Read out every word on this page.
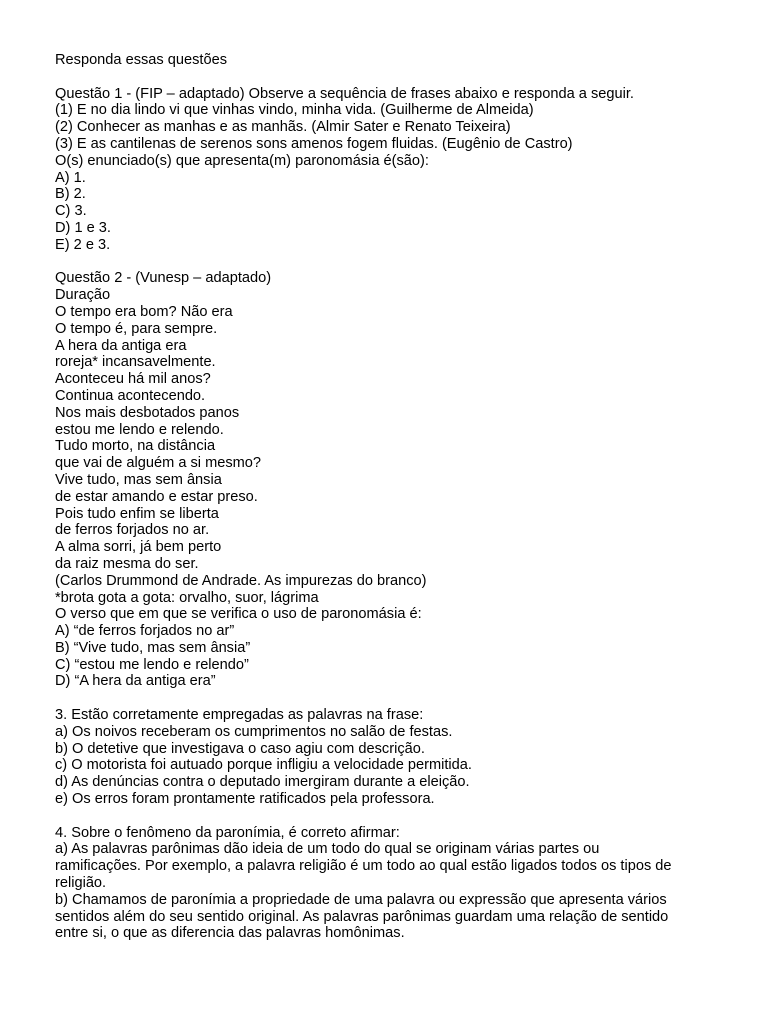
Responda essas questões
Questão 1 - (FIP – adaptado) Observe a sequência de frases abaixo e responda a seguir.
(1) E no dia lindo vi que vinhas vindo, minha vida. (Guilherme de Almeida)
(2) Conhecer as manhas e as manhãs. (Almir Sater e Renato Teixeira)
(3) E as cantilenas de serenos sons amenos fogem fluidas. (Eugênio de Castro)
O(s) enunciado(s) que apresenta(m) paronomásia é(são):
A) 1.
B) 2.
C) 3.
D) 1 e 3.
E) 2 e 3.
Questão 2 - (Vunesp – adaptado)
Duração
O tempo era bom? Não era
O tempo é, para sempre.
A hera da antiga era
roreja* incansavelmente.
Aconteceu há mil anos?
Continua acontecendo.
Nos mais desbotados panos
estou me lendo e relendo.
Tudo morto, na distância
que vai de alguém a si mesmo?
Vive tudo, mas sem ânsia
de estar amando e estar preso.
Pois tudo enfim se liberta
de ferros forjados no ar.
A alma sorri, já bem perto
da raiz mesma do ser.
(Carlos Drummond de Andrade. As impurezas do branco)
*brota gota a gota: orvalho, suor, lágrima
O verso que em que se verifica o uso de paronomásia é:
A) “de ferros forjados no ar”
B) “Vive tudo, mas sem ânsia”
C) “estou me lendo e relendo”
D) “A hera da antiga era”
3. Estão corretamente empregadas as palavras na frase:
a) Os noivos receberam os cumprimentos no salão de festas.
b) O detetive que investigava o caso agiu com descrição.
c) O motorista foi autuado porque infligiu a velocidade permitida.
d) As denúncias contra o deputado imergiram durante a eleição.
e) Os erros foram prontamente ratificados pela professora.
4. Sobre o fenômeno da paronímia, é correto afirmar:
a) As palavras parônimas dão ideia de um todo do qual se originam várias partes ou
ramificações. Por exemplo, a palavra religião é um todo ao qual estão ligados todos os tipos de
religião.
b) Chamamos de paronímia a propriedade de uma palavra ou expressão que apresenta vários
sentidos além do seu sentido original. As palavras parônimas guardam uma relação de sentido
entre si, o que as diferencia das palavras homônimas.
